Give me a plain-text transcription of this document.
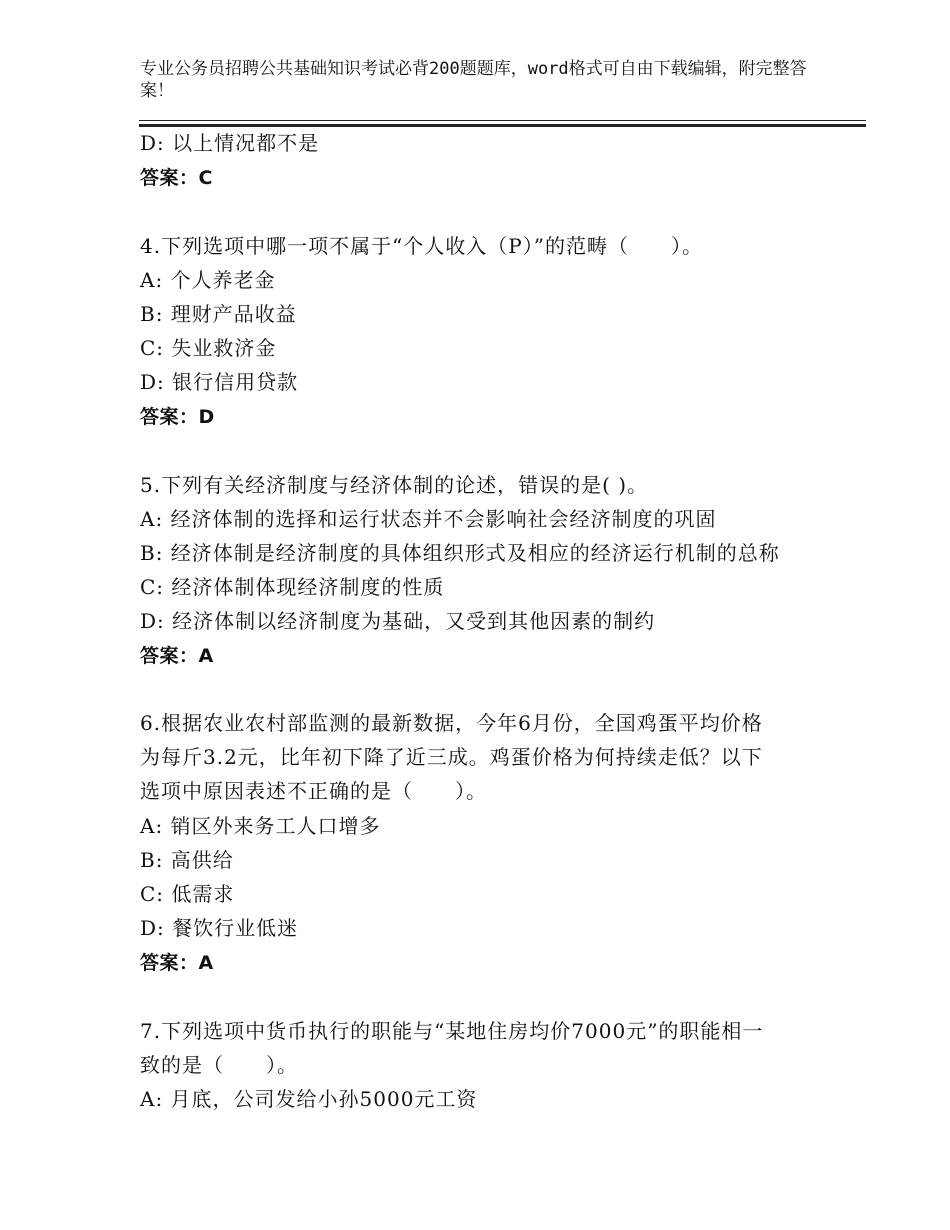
专业公务员招聘公共基础知识考试必背200题题库，word格式可自由下载编辑，附完整答案！
D: 以上情况都不是
答案：C
4.下列选项中哪一项不属于“个人收入（P）”的范畴（　　）。
A: 个人养老金
B: 理财产品收益
C: 失业救济金
D: 银行信用贷款
答案：D
5.下列有关经济制度与经济体制的论述，错误的是( )。
A: 经济体制的选择和运行状态并不会影响社会经济制度的巩固
B: 经济体制是经济制度的具体组织形式及相应的经济运行机制的总称
C: 经济体制体现经济制度的性质
D: 经济体制以经济制度为基础，又受到其他因素的制约
答案：A
6.根据农业农村部监测的最新数据，今年6月份，全国鸡蛋平均价格
为每斤3.2元，比年初下降了近三成。鸡蛋价格为何持续走低？以下
选项中原因表述不正确的是（　　）。
A: 销区外来务工人口增多
B: 高供给
C: 低需求
D: 餐饮行业低迷
答案：A
7.下列选项中货币执行的职能与“某地住房均价7000元”的职能相一
致的是（　　）。
A: 月底，公司发给小孙5000元工资
